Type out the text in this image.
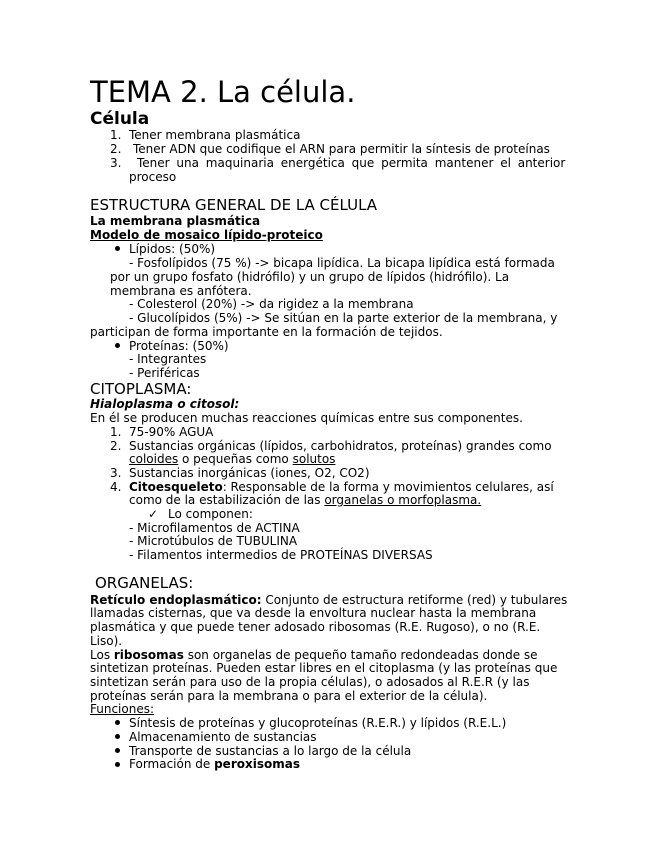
TEMA 2. La célula.
Célula
1. Tener membrana plasmática
2. Tener ADN que codifique el ARN para permitir la síntesis de proteínas
3. Tener una maquinaria energética que permita mantener el anterior
proceso
ESTRUCTURA GENERAL DE LA CÉLULA
La membrana plasmática
Modelo de mosaico lípido-proteico
Lípidos: (50%)
- Fosfolípidos (75 %) -> bicapa lipídica. La bicapa lipídica está formada
por un grupo fosfato (hidrófilo) y un grupo de lípidos (hidrófilo). La
membrana es anfótera.
- Colesterol (20%) -> da rigidez a la membrana
- Glucolípidos (5%) -> Se sitúan en la parte exterior de la membrana, y
participan de forma importante en la formación de tejidos.
Proteínas: (50%)
- Integrantes
- Periféricas
CITOPLASMA:
Hialoplasma o citosol:
En él se producen muchas reacciones químicas entre sus componentes.
1. 75-90% AGUA
2. Sustancias orgánicas (lípidos, carbohidratos, proteínas) grandes como
coloides o pequeñas como solutos
3. Sustancias inorgánicas (iones, O2, CO2)
4. Citoesqueleto: Responsable de la forma y movimientos celulares, así
como de la estabilización de las organelas o morfoplasma.
✓ Lo componen:
- Microfilamentos de ACTINA
- Microtúbulos de TUBULINA
- Filamentos intermedios de PROTEÍNAS DIVERSAS
ORGANELAS:
Retículo endoplasmático: Conjunto de estructura retiforme (red) y tubulares
llamadas cisternas, que va desde la envoltura nuclear hasta la membrana
plasmática y que puede tener adosado ribosomas (R.E. Rugoso), o no (R.E.
Liso).
Los ribosomas son organelas de pequeño tamaño redondeadas donde se
sintetizan proteínas. Pueden estar libres en el citoplasma (y las proteínas que
sintetizan serán para uso de la propia células), o adosados al R.E.R (y las
proteínas serán para la membrana o para el exterior de la célula).
Funciones:
Síntesis de proteínas y glucoproteínas (R.E.R.) y lípidos (R.E.L.)
Almacenamiento de sustancias
Transporte de sustancias a lo largo de la célula
Formación de peroxisomas
